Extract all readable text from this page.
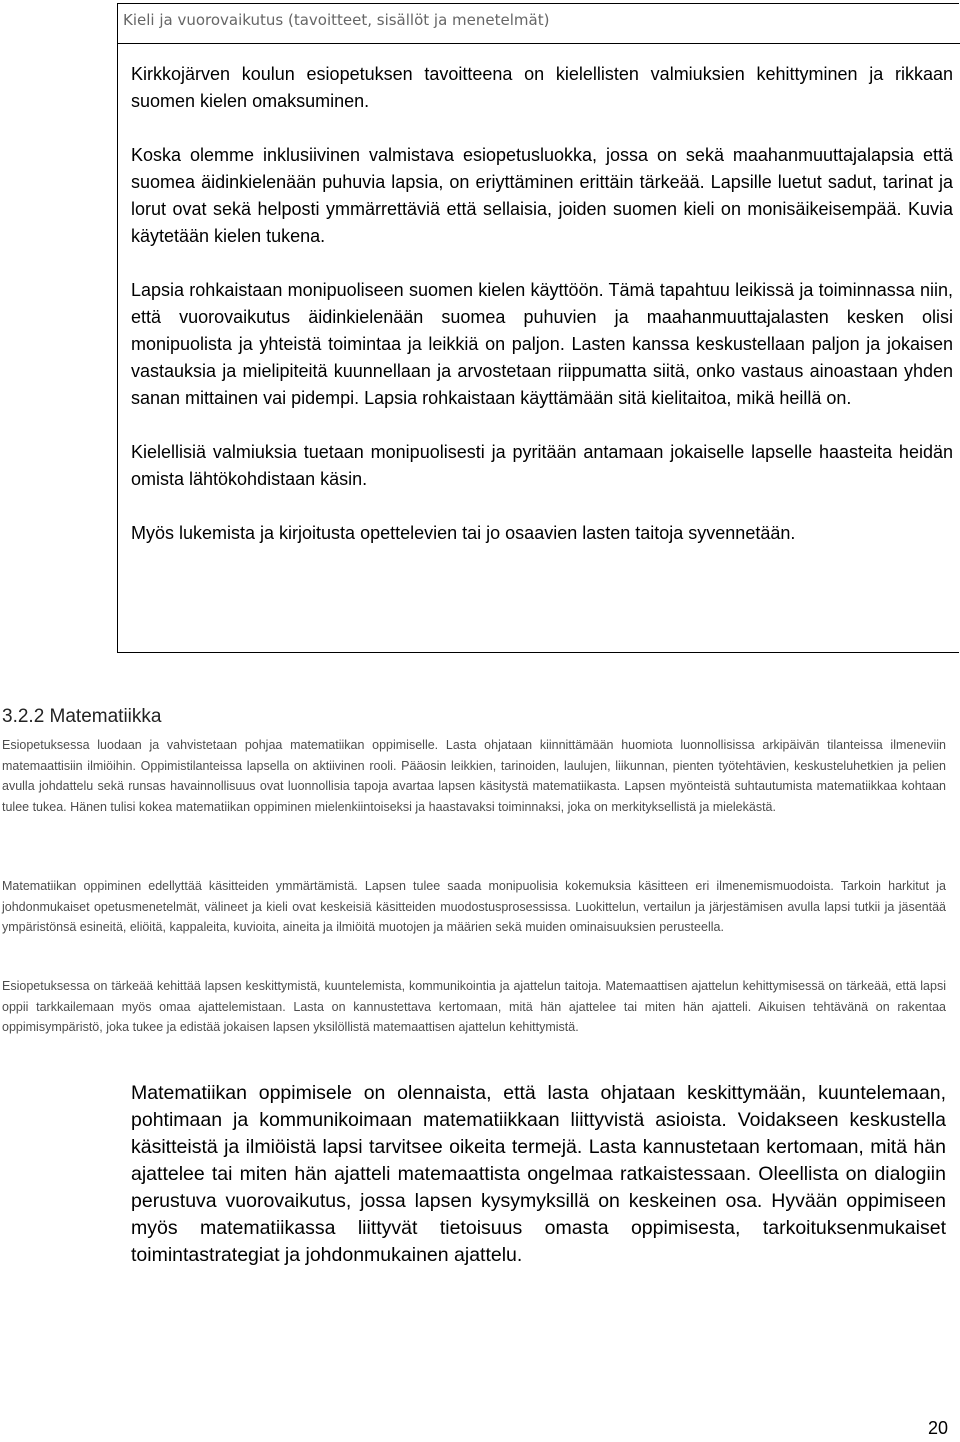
Kieli ja vuorovaikutus (tavoitteet, sisällöt ja menetelmät)

Kirkkojärven koulun esiopetuksen tavoitteena on kielellisten valmiuksien kehittyminen ja rikkaan suomen kielen omaksuminen.

Koska olemme inklusiivinen valmistava esiopetusluokka, jossa on sekä maahanmuuttajalapsia että suomea äidinkielenään puhuvia lapsia, on eriyttäminen erittäin tärkeää. Lapsille luetut sadut, tarinat ja lorut ovat sekä helposti ymmärrettäviä että sellaisia, joiden suomen kieli on monisäikeisempää. Kuvia käytetään kielen tukena.

Lapsia rohkaistaan monipuoliseen suomen kielen käyttöön. Tämä tapahtuu leikissä ja toiminnassa niin, että vuorovaikutus äidinkielenään suomea puhuvien ja maahanmuuttajalasten kesken olisi monipuolista ja yhteistä toimintaa ja leikkiä on paljon. Lasten kanssa keskustellaan paljon ja jokaisen vastauksia ja mielipiteitä kuunnellaan ja arvostetaan riippumatta siitä, onko vastaus ainoastaan yhden sanan mittainen vai pidempi. Lapsia rohkaistaan käyttämään sitä kielitaitoa, mikä heillä on.

Kielellisiä valmiuksia tuetaan monipuolisesti ja pyritään antamaan jokaiselle lapselle haasteita heidän omista lähtökohdistaan käsin.

Myös lukemista ja kirjoitusta opettelevien tai jo osaavien lasten taitoja syvennetään.

3.2.2 Matematiikka

Esiopetuksessa luodaan ja vahvistetaan pohjaa matematiikan oppimiselle. Lasta ohjataan kiinnittämään huomiota luonnollisissa arkipäivän tilanteissa ilmeneviin matemaattisiin ilmiöihin. Oppimistilanteissa lapsella on aktiivinen rooli. Pääosin leikkien, tarinoiden, laulujen, liikunnan, pienten työtehtävien, keskusteluhetkien ja pelien avulla johdattelu sekä runsas havainnollisuus ovat luonnollisia tapoja avartaa lapsen käsitystä matematiikasta. Lapsen myönteistä suhtautumista matematiikkaa kohtaan tulee tukea. Hänen tulisi kokea matematiikan oppiminen mielenkiintoiseksi ja haastavaksi toiminnaksi, joka on merkityksellistä ja mielekästä.

Matematiikan oppiminen edellyttää käsitteiden ymmärtämistä. Lapsen tulee saada monipuolisia kokemuksia käsitteen eri ilmenemismuodoista. Tarkoin harkitut ja johdonmukaiset opetusmenetelmät, välineet ja kieli ovat keskeisiä käsitteiden muodostusprosessissa. Luokittelun, vertailun ja järjestämisen avulla lapsi tutkii ja jäsentää ympäristönsä esineitä, eliöitä, kappaleita, kuvioita, aineita ja ilmiöitä muotojen ja määrien sekä muiden ominaisuuksien perusteella.

Esiopetuksessa on tärkeää kehittää lapsen keskittymistä, kuuntelemista, kommunikointia ja ajattelun taitoja. Matemaattisen ajattelun kehittymisessä on tärkeää, että lapsi oppii tarkkailemaan myös omaa ajattelemistaan. Lasta on kannustettava kertomaan, mitä hän ajattelee tai miten hän ajatteli. Aikuisen tehtävänä on rakentaa oppimisympäristö, joka tukee ja edistää jokaisen lapsen yksilöllistä matemaattisen ajattelun kehittymistä.

Matematiikan oppimisele on olennaista, että lasta ohjataan keskittymään, kuuntelemaan, pohtimaan ja kommunikoimaan matematiikkaan liittyvistä asioista. Voidakseen keskustella käsitteistä ja ilmiöistä lapsi tarvitsee oikeita termejä. Lasta kannustetaan kertomaan, mitä hän ajattelee tai miten hän ajatteli matemaattista ongelmaa ratkaistessaan. Oleellista on dialogiin perustuva vuorovaikutus, jossa lapsen kysymyksillä on keskeinen osa. Hyvään oppimiseen myös matematiikassa liittyvät tietoisuus omasta oppimisesta, tarkoituksenmukaiset toimintastrategiat ja johdonmukainen ajattelu.

20
